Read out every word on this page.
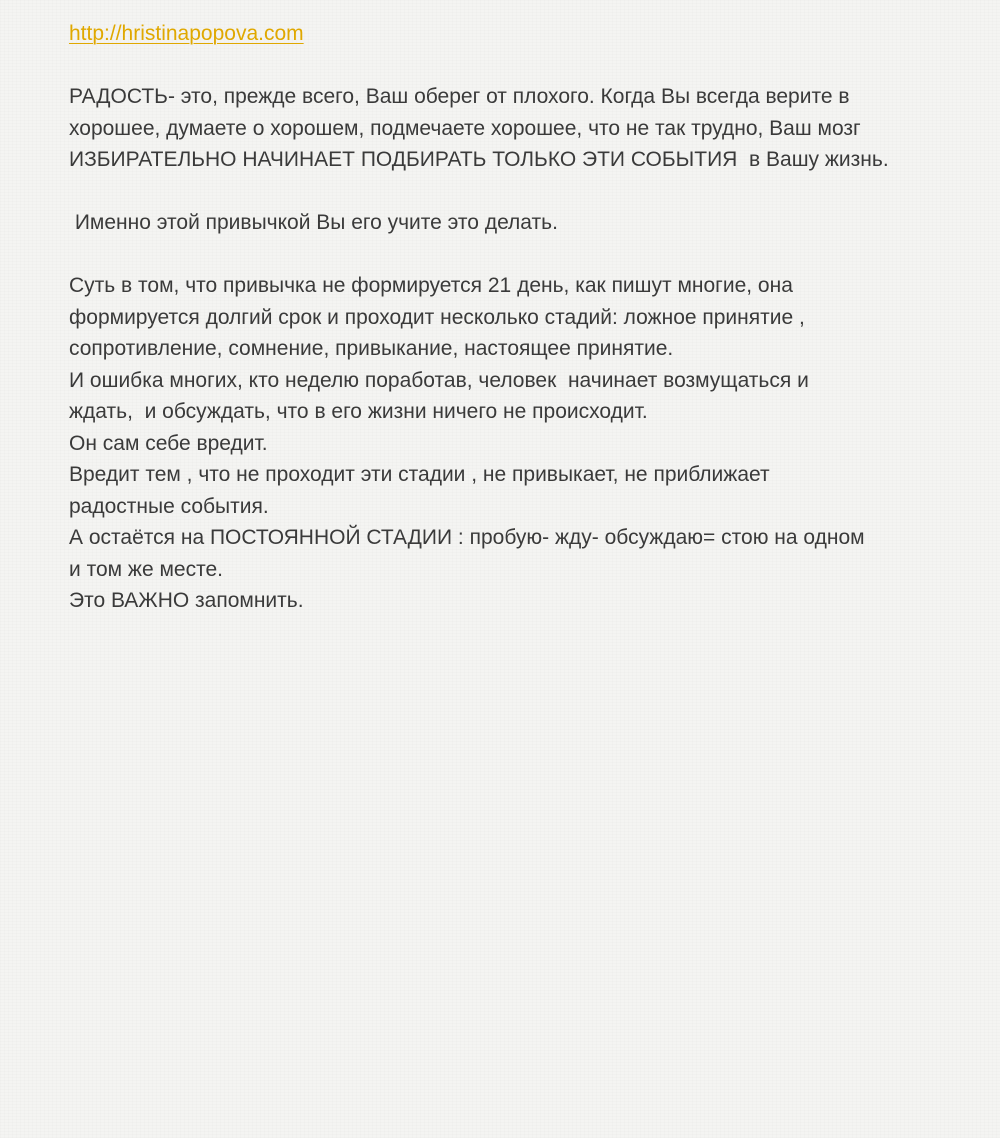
http://hristinapopova.com
РАДОСТЬ- это, прежде всего, Ваш оберег от плохого. Когда Вы всегда верите в
хорошее, думаете о хорошем, подмечаете хорошее, что не так трудно, Ваш мозг
ИЗБИРАТЕЛЬНО НАЧИНАЕТ ПОДБИРАТЬ ТОЛЬКО ЭТИ СОБЫТИЯ  в Вашу жизнь.
Именно этой привычкой Вы его учите это делать.
Суть в том, что привычка не формируется 21 день, как пишут многие, она
формируется долгий срок и проходит несколько стадий: ложное принятие ,
сопротивление, сомнение, привыкание, настоящее принятие.
И ошибка многих, кто неделю поработав, человек  начинает возмущаться и
ждать,  и обсуждать, что в его жизни ничего не происходит.
Он сам себе вредит.
Вредит тем , что не проходит эти стадии , не привыкает, не приближает
радостные события.
А остаётся на ПОСТОЯННОЙ СТАДИИ : пробую- жду- обсуждаю= стою на одном
и том же месте.
Это ВАЖНО запомнить.
